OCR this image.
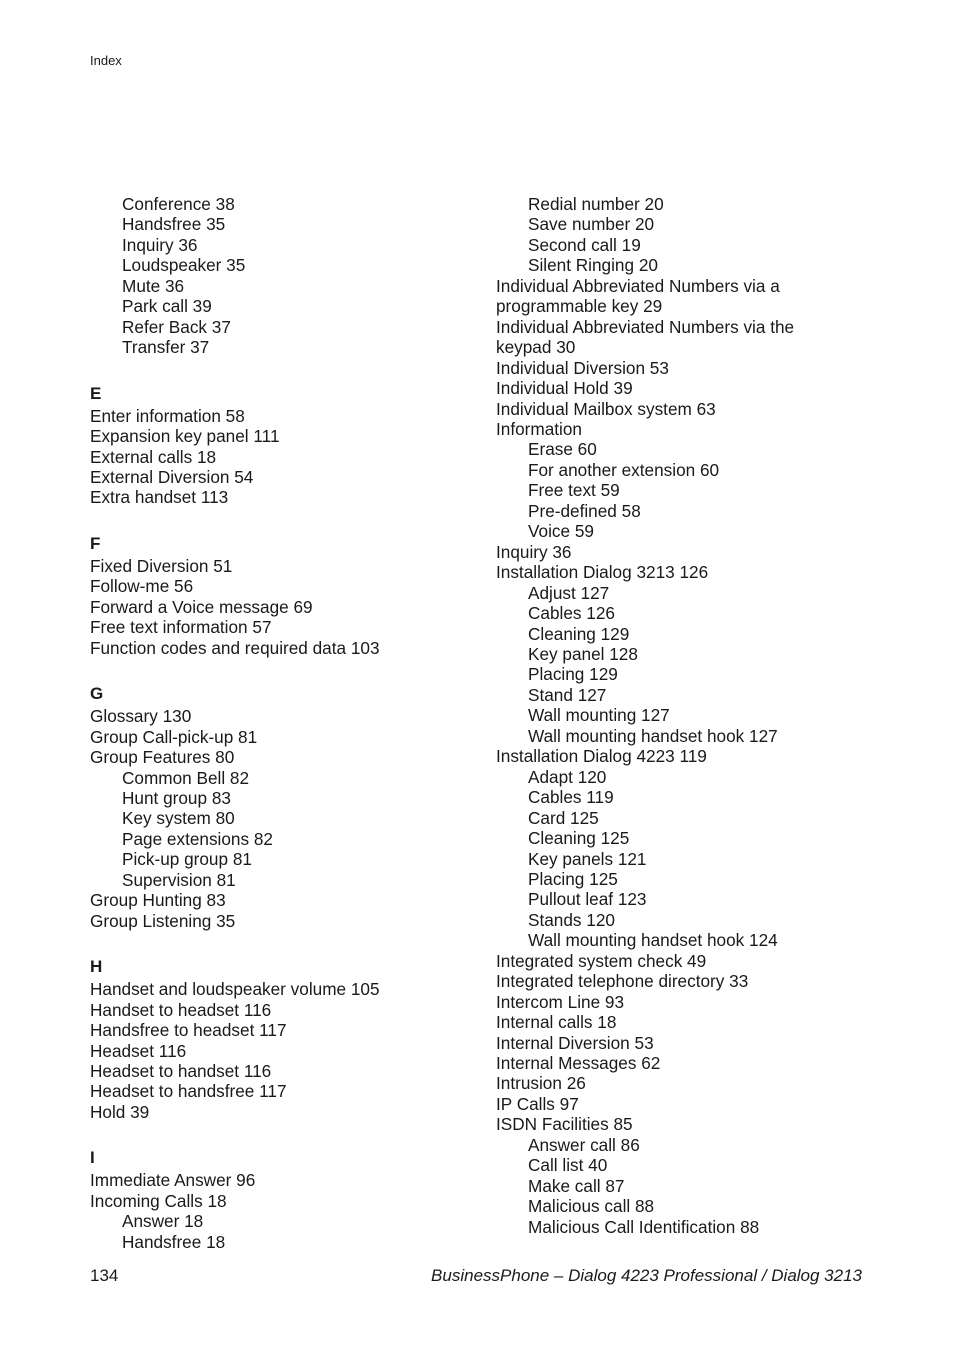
Index
Conference 38
Handsfree 35
Inquiry 36
Loudspeaker 35
Mute 36
Park call 39
Refer Back 37
Transfer 37
E
Enter information 58
Expansion key panel 111
External calls 18
External Diversion 54
Extra handset 113
F
Fixed Diversion 51
Follow-me 56
Forward a Voice message 69
Free text information 57
Function codes and required data 103
G
Glossary 130
Group Call-pick-up 81
Group Features 80
Common Bell 82
Hunt group 83
Key system 80
Page extensions 82
Pick-up group 81
Supervision 81
Group Hunting 83
Group Listening 35
H
Handset and loudspeaker volume 105
Handset to headset 116
Handsfree to headset 117
Headset 116
Headset to handset 116
Headset to handsfree 117
Hold 39
I
Immediate Answer 96
Incoming Calls 18
Answer 18
Handsfree 18
Redial number 20
Save number 20
Second call 19
Silent Ringing 20
Individual Abbreviated Numbers via a
programmable key 29
Individual Abbreviated Numbers via the
keypad 30
Individual Diversion 53
Individual Hold 39
Individual Mailbox system 63
Information
Erase 60
For another extension 60
Free text 59
Pre-defined 58
Voice 59
Inquiry 36
Installation Dialog 3213 126
Adjust 127
Cables 126
Cleaning 129
Key panel 128
Placing 129
Stand 127
Wall mounting 127
Wall mounting handset hook 127
Installation Dialog 4223 119
Adapt 120
Cables 119
Card 125
Cleaning 125
Key panels 121
Placing 125
Pullout leaf 123
Stands 120
Wall mounting handset hook 124
Integrated system check 49
Integrated telephone directory 33
Intercom Line 93
Internal calls 18
Internal Diversion 53
Internal Messages 62
Intrusion 26
IP Calls 97
ISDN Facilities 85
Answer call 86
Call list 40
Make call 87
Malicious call 88
Malicious Call Identification 88
134	BusinessPhone – Dialog 4223 Professional / Dialog 3213
